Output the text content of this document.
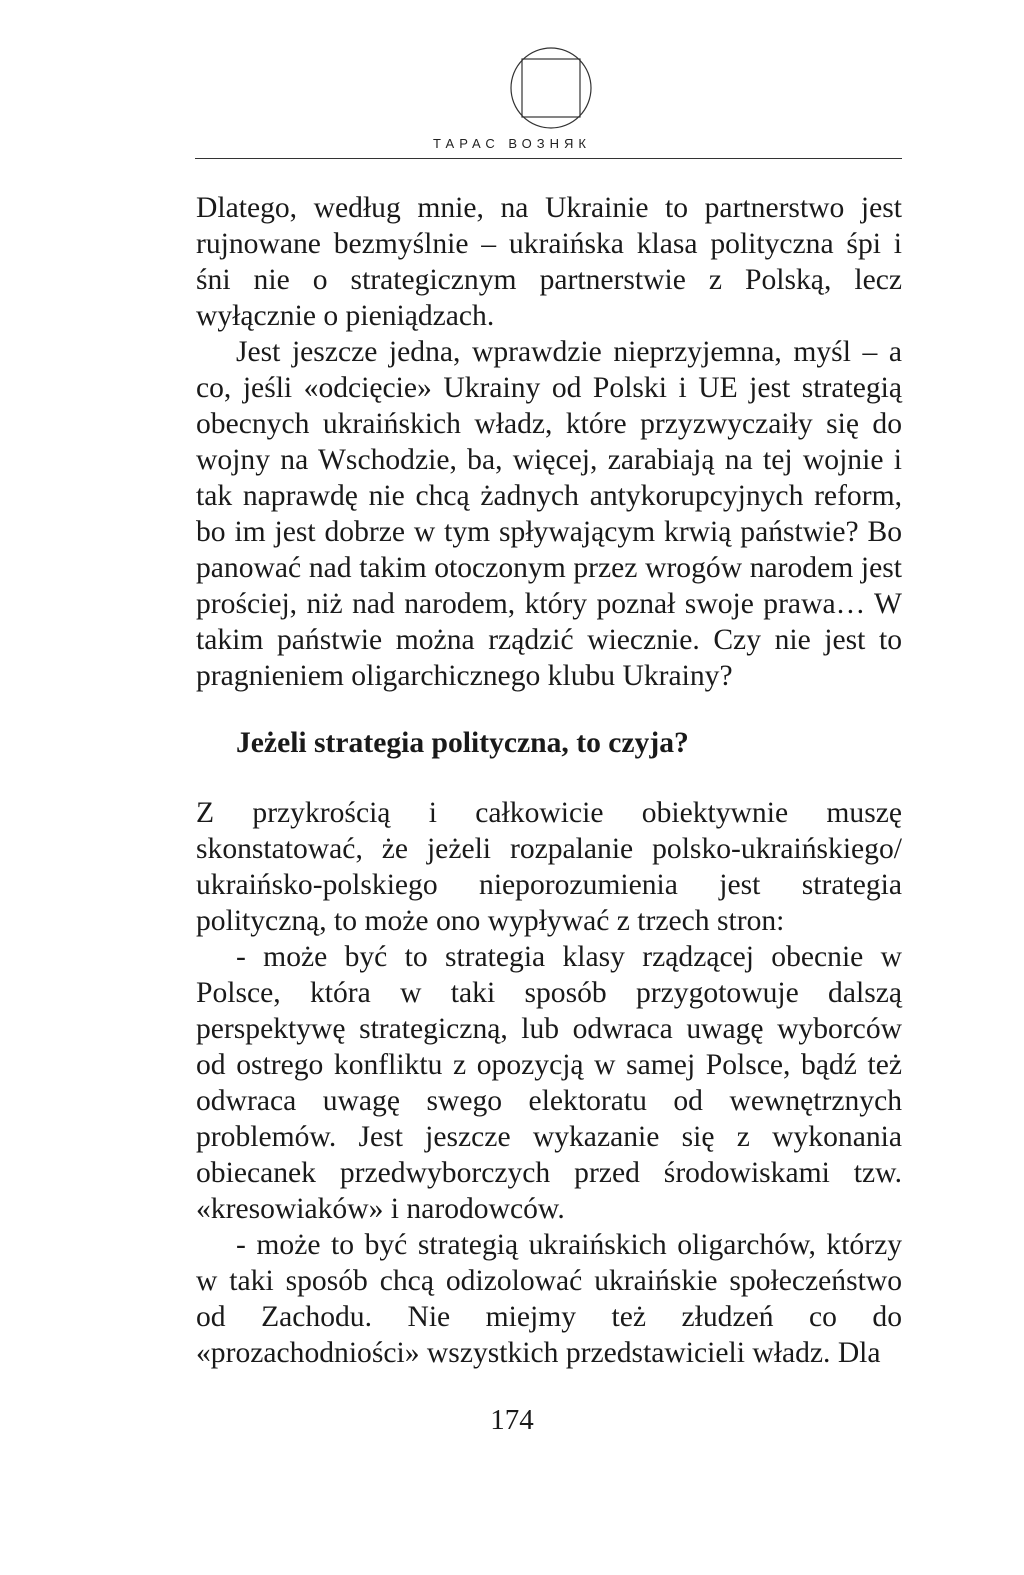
ТАРАС ВОЗНЯК

Dlatego, według mnie, na Ukrainie to partnerstwo jest rujnowane bezmyślnie – ukraińska klasa polityczna śpi i śni nie o strategicznym partnerstwie z Polską, lecz wyłącznie o pieniądzach.

Jest jeszcze jedna, wprawdzie nieprzyjemna, myśl – a co, jeśli «odcięcie» Ukrainy od Polski i UE jest strategią obecnych ukraińskich władz, które przyzwyczaiły się do wojny na Wschodzie, ba, więcej, zarabiają na tej wojnie i tak naprawdę nie chcą żadnych antykorupcyjnych reform, bo im jest dobrze w tym spływającym krwią państwie? Bo panować nad takim otoczonym przez wrogów narodem jest prościej, niż nad narodem, który poznał swoje prawa… W takim państwie można rządzić wiecznie. Czy nie jest to pragnieniem oligarchicznego klubu Ukrainy?

Jeżeli strategia polityczna, to czyja?

Z przykrością i całkowicie obiektywnie muszę skonstatować, że jeżeli rozpalanie polsko-ukraińskiego/ ukraińsko-polskiego nieporozumienia jest strategia polityczną, to może ono wypływać z trzech stron:

- może być to strategia klasy rządzącej obecnie w Polsce, która w taki sposób przygotowuje dalszą perspektywę strategiczną, lub odwraca uwagę wyborców od ostrego konfliktu z opozycją w samej Polsce, bądź też odwraca uwagę swego elektoratu od wewnętrznych problemów. Jest jeszcze wykazanie się z wykonania obiecanek przedwyborczych przed środowiskami tzw. «kresowiaków» i narodowców.

- może to być strategią ukraińskich oligarchów, którzy w taki sposób chcą odizolować ukraińskie społeczeństwo od Zachodu. Nie miejmy też złudzeń co do «prozachodniości» wszystkich przedstawicieli władz. Dla

174
